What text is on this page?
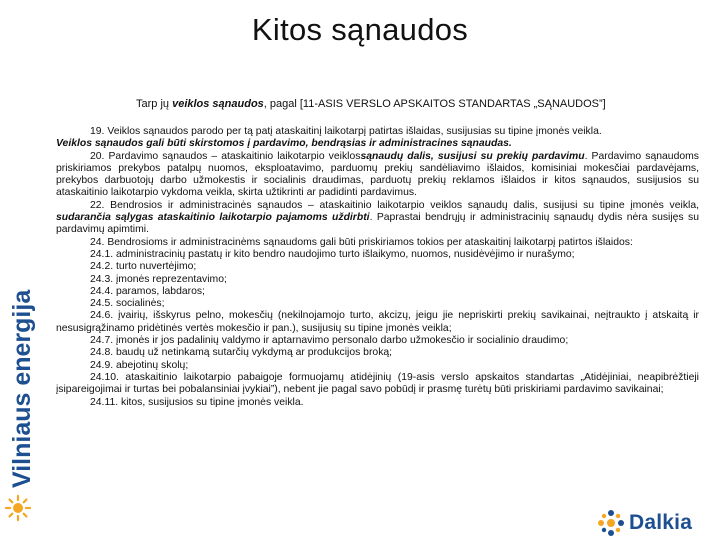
Vilniaus energija
Kitos sąnaudos
Tarp jų veiklos sąnaudos, pagal [11-ASIS VERSLO APSKAITOS STANDARTAS „SĄNAUDOS”]

19. Veiklos sąnaudos parodo per tą patį ataskaitinį laikotarpį patirtas išlaidas, susijusias su tipine įmonės veikla.

Veiklos sąnaudos gali būti skirstomos į pardavimo, bendrąsias ir administracines sąnaudas.

20. Pardavimo sąnaudos – ataskaitinio laikotarpio veiklossąnaudų dalis, susijusi su prekių pardavimu. Pardavimo sąnaudoms priskiriamos prekybos patalpų nuomos, eksploatavimo, parduomų prekių sandėliavimo išlaidos, komisiniai mokesčiai pardavėjams, prekybos darbuotojų darbo užmokestis ir socialinis draudimas, parduotų prekių reklamos išlaidos ir kitos sąnaudos, susijusios su ataskaitinio laikotarpio vykdoma veikla, skirta užtikrinti ar padidinti pardavimus.

22. Bendrosios ir administracinės sąnaudos – ataskaitinio laikotarpio veiklos sąnaudų dalis, susijusi su tipine įmonės veikla, sudarančia sąlygas ataskaitinio laikotarpio pajamoms uždirbti. Paprastai bendrųjų ir administracinių sąnaudų dydis nėra susijęs su pardavimų apimtimi.

24. Bendrosioms ir administracinėms sąnaudoms gali būti priskiriamos tokios per ataskaitinį laikotarpį patirtos išlaidos:

24.1. administracinių pastatų ir kito bendro naudojimo turto išlaikymo, nuomos, nusidėvėjimo ir nurašymo;

24.2. turto nuvertėjimo;

24.3. įmonės reprezentavimo;

24.4. paramos, labdaros;

24.5. socialinės;

24.6. įvairių, išskyrus pelno, mokesčių (nekilnojamojo turto, akcizų, jeigu jie nepriskirti prekių savikainai, neįtraukto į atskaitą ir nesusigrąžinamo pridėtinės vertės mokesčio ir pan.), susijusių su tipine įmonės veikla;

24.7. įmonės ir jos padalinių valdymo ir aptarnavimo personalo darbo užmokesčio ir socialinio draudimo;

24.8. baudų už netinkamą sutarčių vykdymą ar produkcijos broką;

24.9. abejotinų skolų;

24.10. ataskaitinio laikotarpio pabaigoje formuojamų atidėjinių (19-asis verslo apskaitos standartas „Atidėjiniai, neapibrėžtieji įsipareigojimai ir turtas bei pobalansiniai įvykiai”), nebent jie pagal savo pobūdį ir prasmę turėtų būti priskiriami pardavimo savikainai;

24.11. kitos, susijusios su tipine įmonės veikla.

Dalkia
